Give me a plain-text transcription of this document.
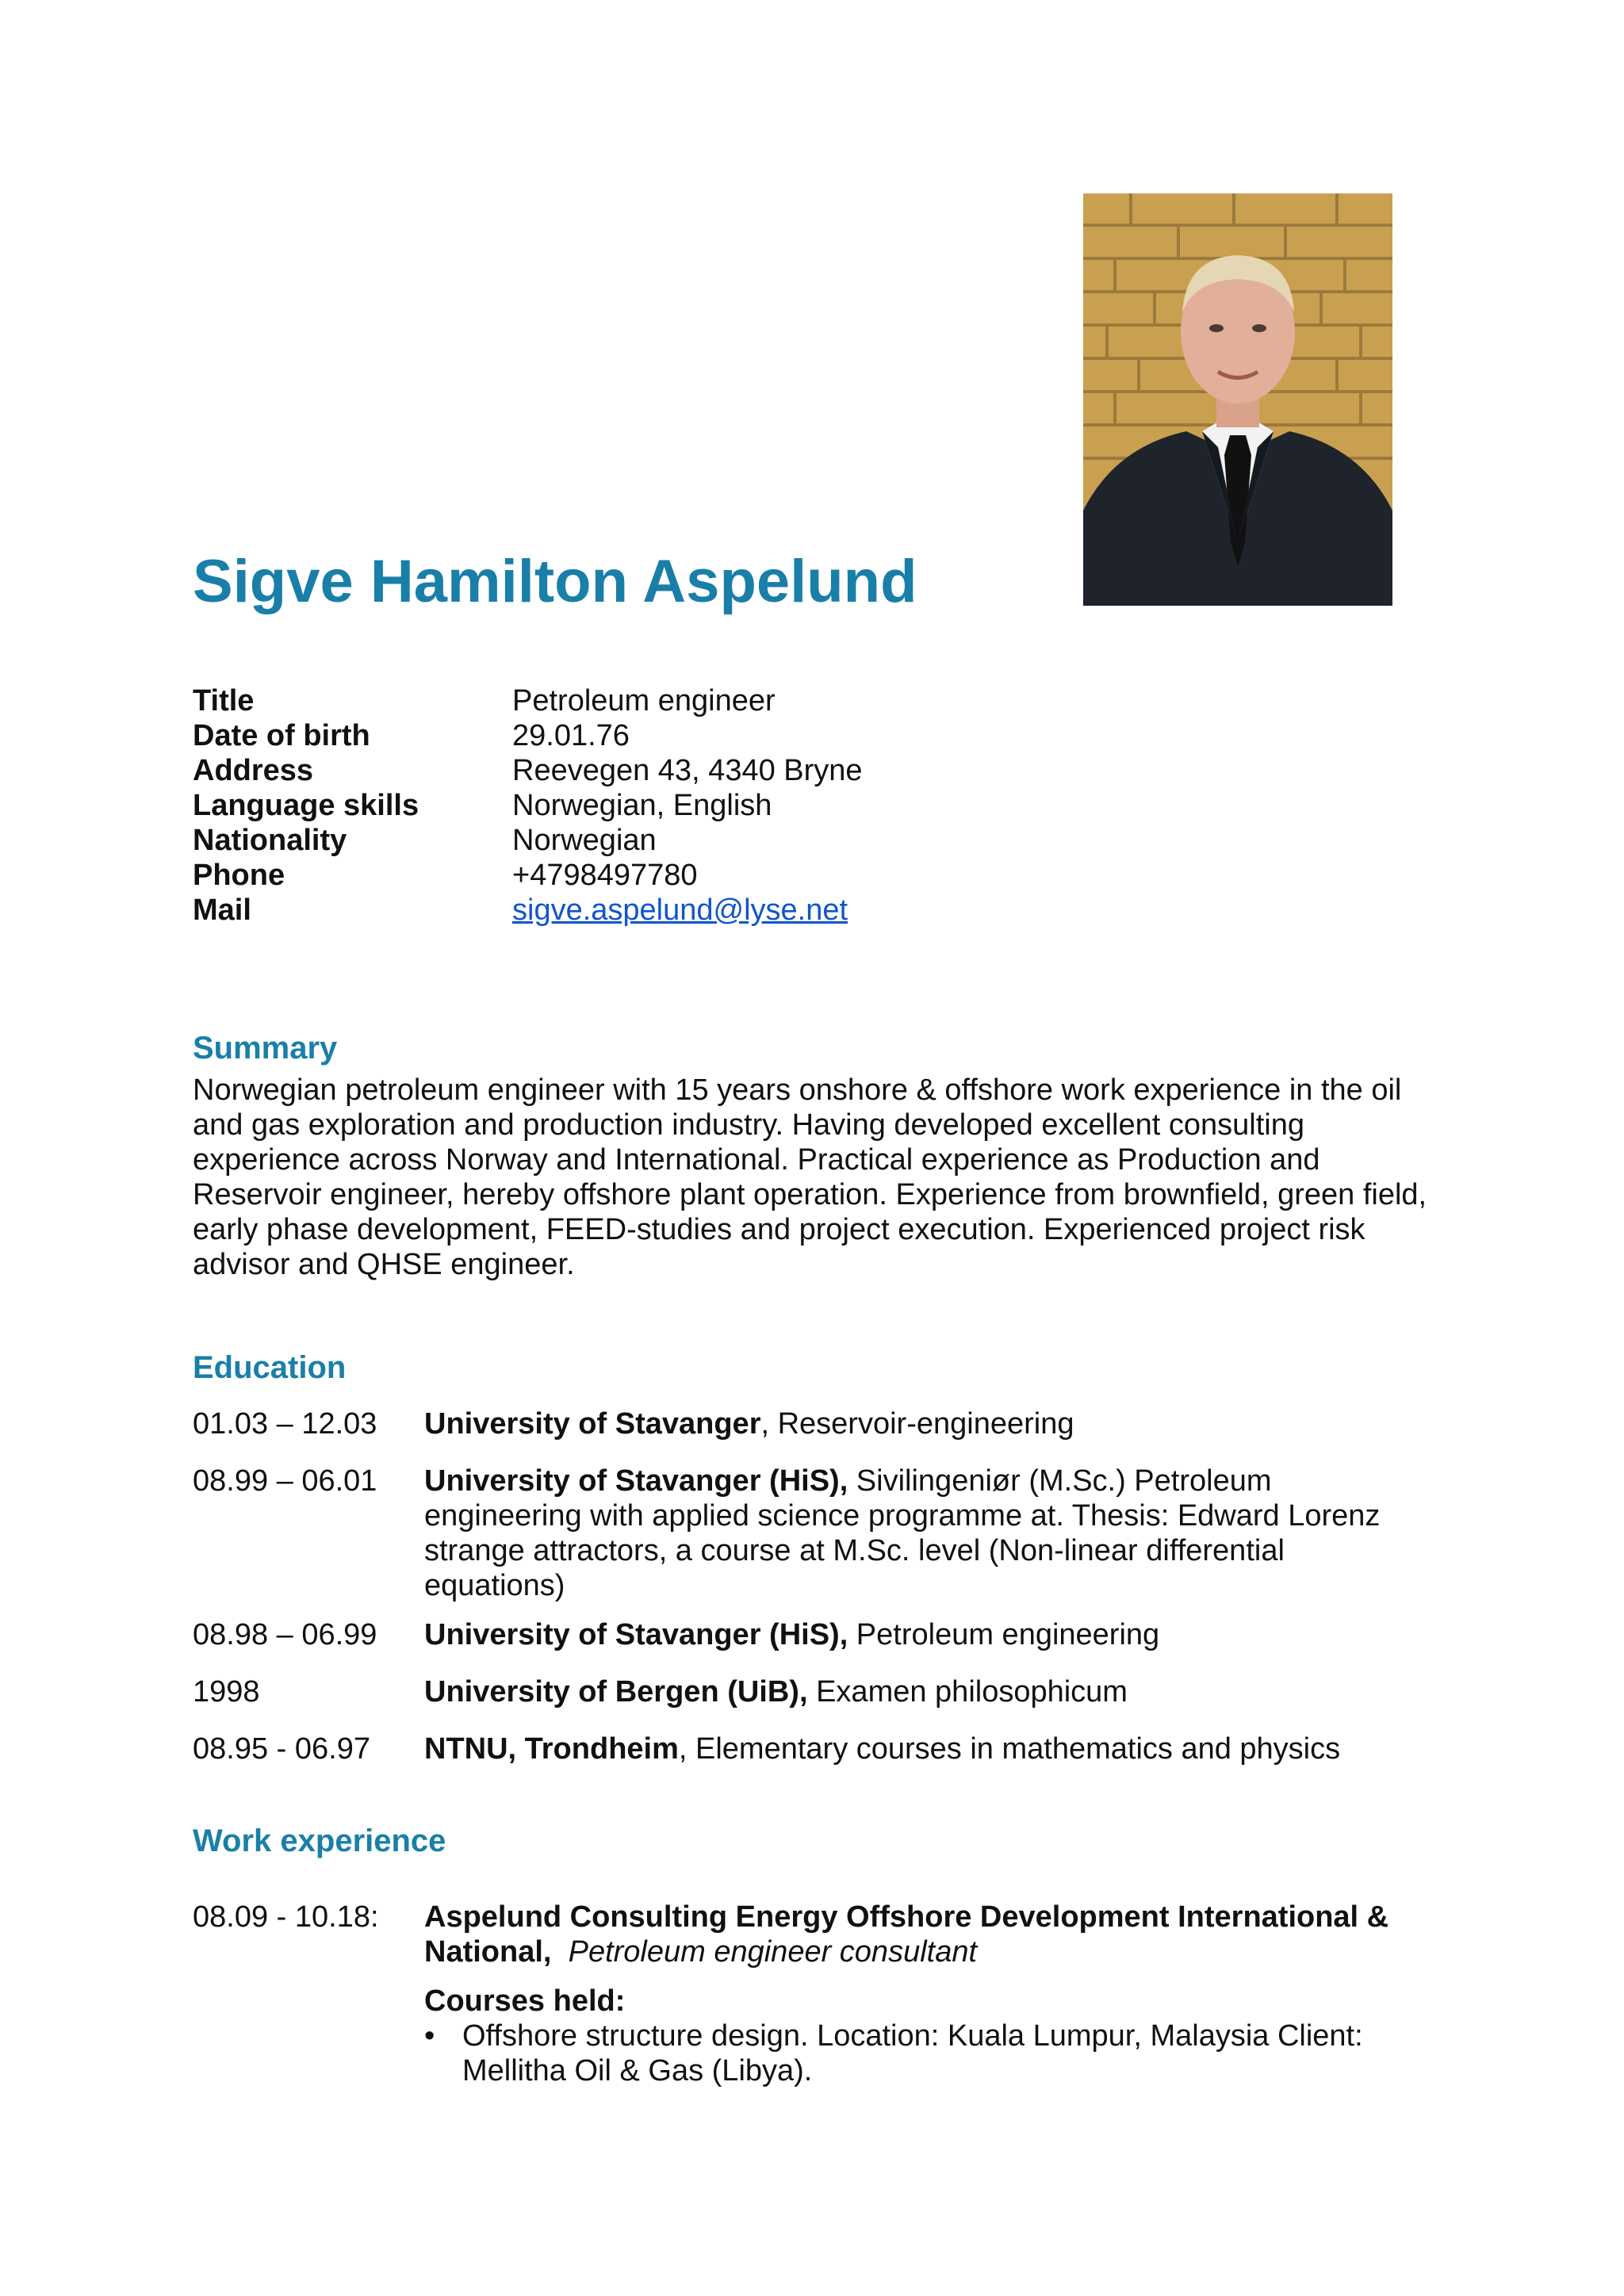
Sigve Hamilton Aspelund
Title	Petroleum engineer
Date of birth	29.01.76
Address	Reevegen 43, 4340 Bryne
Language skills	Norwegian, English
Nationality	Norwegian
Phone	+4798497780
Mail	sigve.aspelund@lyse.net
Summary

Norwegian petroleum engineer with 15 years onshore & offshore work experience in the oil and gas exploration and production industry. Having developed excellent consulting experience across Norway and International. Practical experience as Production and Reservoir engineer, hereby offshore plant operation. Experience from brownfield, green field, early phase development, FEED-studies and project execution. Experienced project risk advisor and QHSE engineer.

Education
01.03 – 12.03	University of Stavanger, Reservoir-engineering
08.99 – 06.01	University of Stavanger (HiS), Sivilingeniør (M.Sc.) Petroleum engineering with applied science programme at. Thesis: Edward Lorenz strange attractors, a course at M.Sc. level (Non-linear differential equations)
08.98 – 06.99	University of Stavanger (HiS), Petroleum engineering
1998	University of Bergen (UiB), Examen philosophicum
08.95 - 06.97	NTNU, Trondheim, Elementary courses in mathematics and physics
Work experience
08.09 - 10.18:	Aspelund Consulting Energy Offshore Development International & National, Petroleum engineer consultant
Courses held:
• Offshore structure design. Location: Kuala Lumpur, Malaysia Client: Mellitha Oil & Gas (Libya).
